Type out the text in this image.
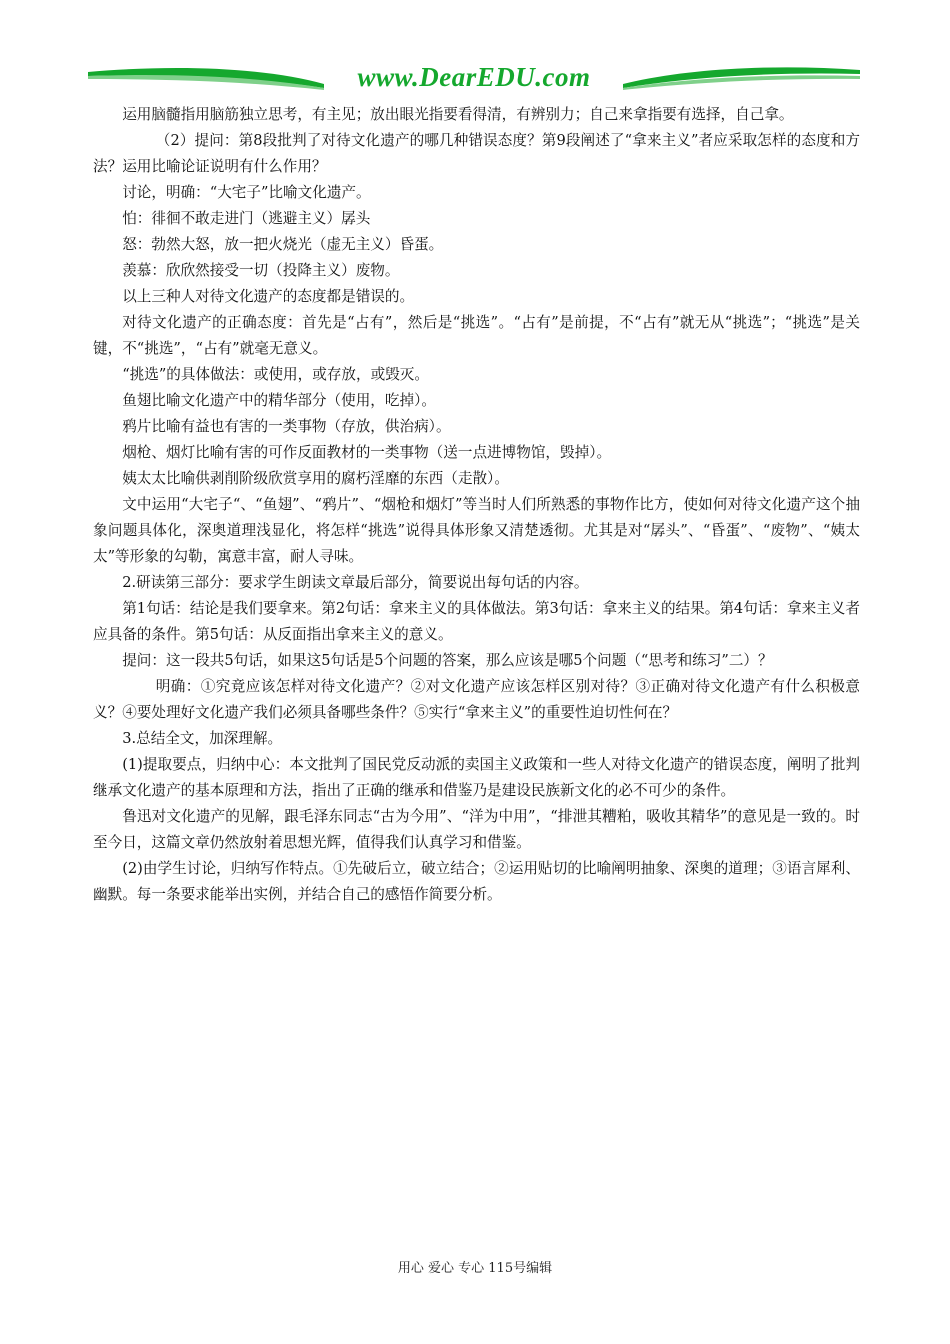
www.DearEDU.com

运用脑髓指用脑筋独立思考，有主见；放出眼光指要看得清，有辨别力；自己来拿指要有选择，自己拿。

（2）提问：第8段批判了对待文化遗产的哪几种错误态度？第9段阐述了“拿来主义”者应采取怎样的态度和方法？运用比喻论证说明有什么作用？

讨论，明确：“大宅子”比喻文化遗产。

怕：徘徊不敢走进门（逃避主义）孱头

怒：勃然大怒，放一把火烧光（虚无主义）昏蛋。

羡慕：欣欣然接受一切（投降主义）废物。

以上三种人对待文化遗产的态度都是错误的。

对待文化遗产的正确态度：首先是“占有”，然后是“挑选”。“占有”是前提，不“占有”就无从“挑选”；“挑选”是关键，不“挑选”，“占有”就毫无意义。

“挑选”的具体做法：或使用，或存放，或毁灭。

鱼翅比喻文化遗产中的精华部分（使用，吃掉）。

鸦片比喻有益也有害的一类事物（存放，供治病）。

烟枪、烟灯比喻有害的可作反面教材的一类事物（送一点进博物馆，毁掉）。

姨太太比喻供剥削阶级欣赏享用的腐朽淫靡的东西（走散）。

文中运用“大宅子“、“鱼翅”、“鸦片”、“烟枪和烟灯”等当时人们所熟悉的事物作比方，使如何对待文化遗产这个抽象问题具体化，深奥道理浅显化，将怎样“挑选”说得具体形象又清楚透彻。尤其是对“孱头”、“昏蛋”、“废物”、“姨太太”等形象的勾勒，寓意丰富，耐人寻味。

2.研读第三部分：要求学生朗读文章最后部分，简要说出每句话的内容。

第1句话：结论是我们要拿来。第2句话：拿来主义的具体做法。第3句话：拿来主义的结果。第4句话：拿来主义者应具备的条件。第5句话：从反面指出拿来主义的意义。

提问：这一段共5句话，如果这5句话是5个问题的答案，那么应该是哪5个问题（“思考和练习”二）？

明确：①究竟应该怎样对待文化遗产？②对文化遗产应该怎样区别对待？③正确对待文化遗产有什么积极意义？④要处理好文化遗产我们必须具备哪些条件？⑤实行“拿来主义”的重要性迫切性何在？

3.总结全文，加深理解。

(1)提取要点，归纳中心：本文批判了国民党反动派的卖国主义政策和一些人对待文化遗产的错误态度，阐明了批判继承文化遗产的基本原理和方法，指出了正确的继承和借鉴乃是建设民族新文化的必不可少的条件。

鲁迅对文化遗产的见解，跟毛泽东同志“古为今用”、“洋为中用”，“排泄其糟粕，吸收其精华”的意见是一致的。时至今日，这篇文章仍然放射着思想光辉，值得我们认真学习和借鉴。

(2)由学生讨论，归纳写作特点。①先破后立，破立结合；②运用贴切的比喻阐明抽象、深奥的道理；③语言犀利、幽默。每一条要求能举出实例，并结合自己的感悟作简要分析。

用心 爱心 专心 115号编辑
